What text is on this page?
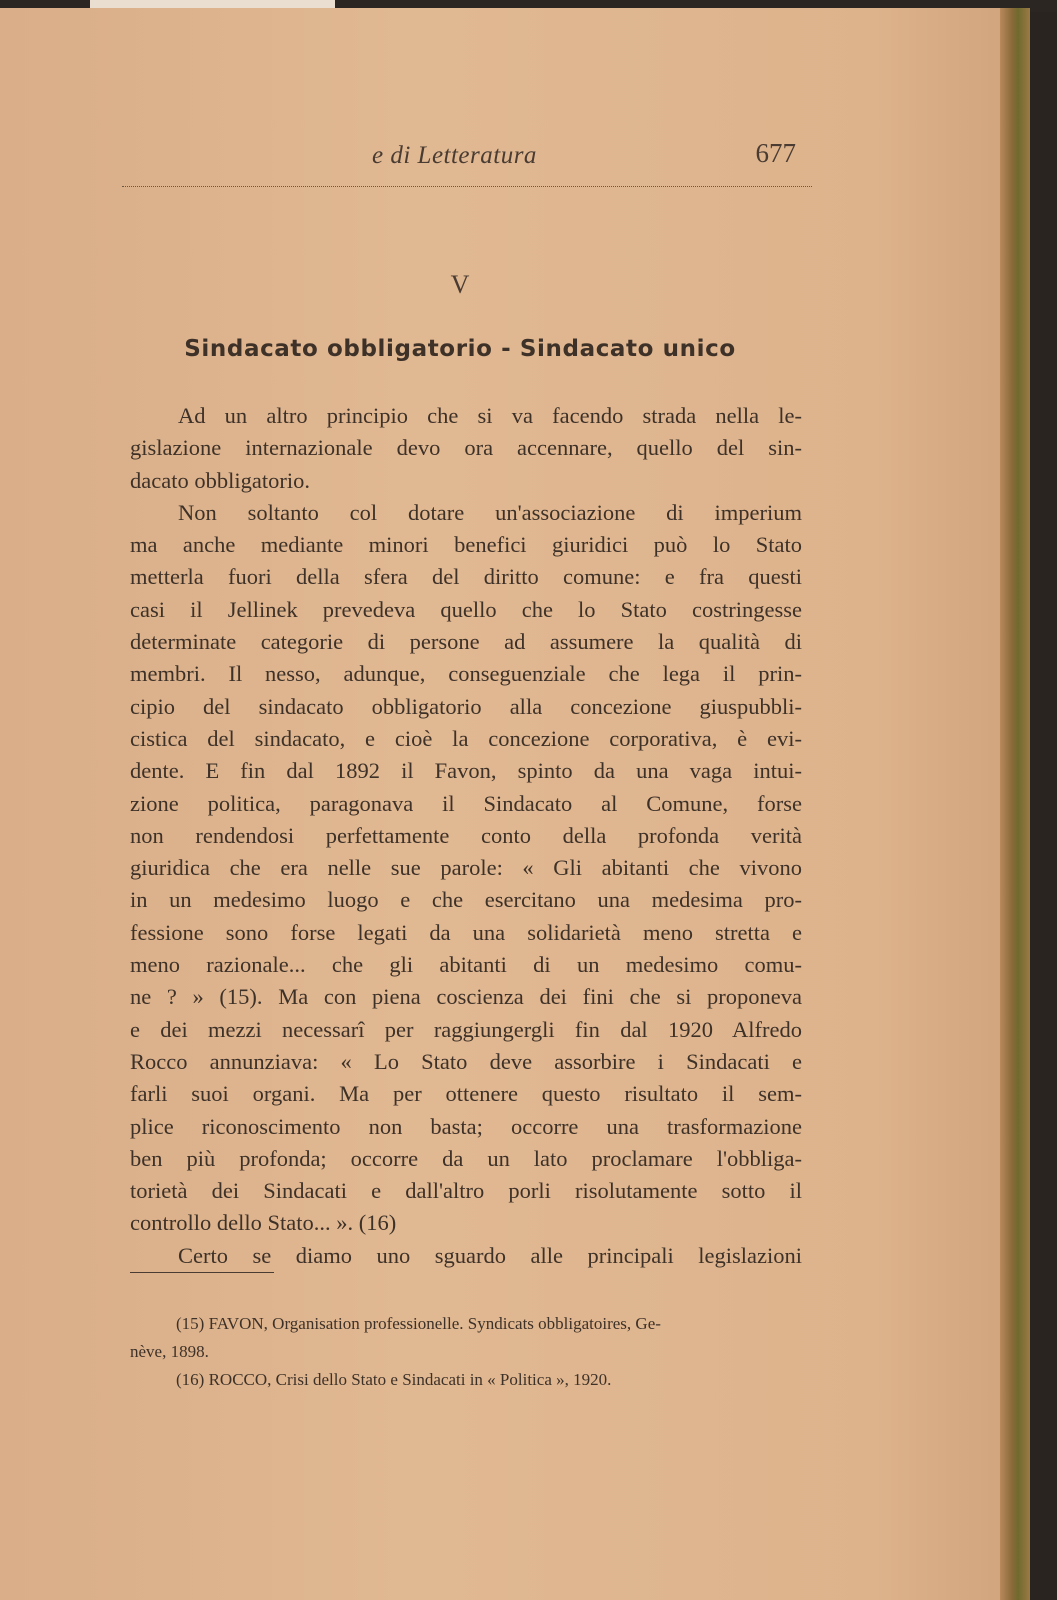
e di Letteratura	677
V
Sindacato obbligatorio - Sindacato unico
Ad un altro principio che si va facendo strada nella le-
gislazione internazionale devo ora accennare, quello del sin-
dacato obbligatorio.
Non soltanto col dotare un'associazione di imperium
ma anche mediante minori benefici giuridici può lo Stato
metterla fuori della sfera del diritto comune: e fra questi
casi il Jellinek prevedeva quello che lo Stato costringesse
determinate categorie di persone ad assumere la qualità di
membri. Il nesso, adunque, conseguenziale che lega il prin-
cipio del sindacato obbligatorio alla concezione giuspubbli-
cistica del sindacato, e cioè la concezione corporativa, è evi-
dente. E fin dal 1892 il Favon, spinto da una vaga intui-
zione politica, paragonava il Sindacato al Comune, forse
non rendendosi perfettamente conto della profonda verità
giuridica che era nelle sue parole: « Gli abitanti che vivono
in un medesimo luogo e che esercitano una medesima pro-
fessione sono forse legati da una solidarietà meno stretta e
meno razionale... che gli abitanti di un medesimo comu-
ne ? » (15). Ma con piena coscienza dei fini che si proponeva
e dei mezzi necessarî per raggiungergli fin dal 1920 Alfredo
Rocco annunziava: « Lo Stato deve assorbire i Sindacati e
farli suoi organi. Ma per ottenere questo risultato il sem-
plice riconoscimento non basta; occorre una trasformazione
ben più profonda; occorre da un lato proclamare l'obbliga-
torietà dei Sindacati e dall'altro porli risolutamente sotto il
controllo dello Stato... ». (16)
Certo se diamo uno sguardo alle principali legislazioni
(15) FAVON, Organisation professionelle. Syndicats obbligatoires, Ge-
nève, 1898.
(16) ROCCO, Crisi dello Stato e Sindacati in « Politica », 1920.
